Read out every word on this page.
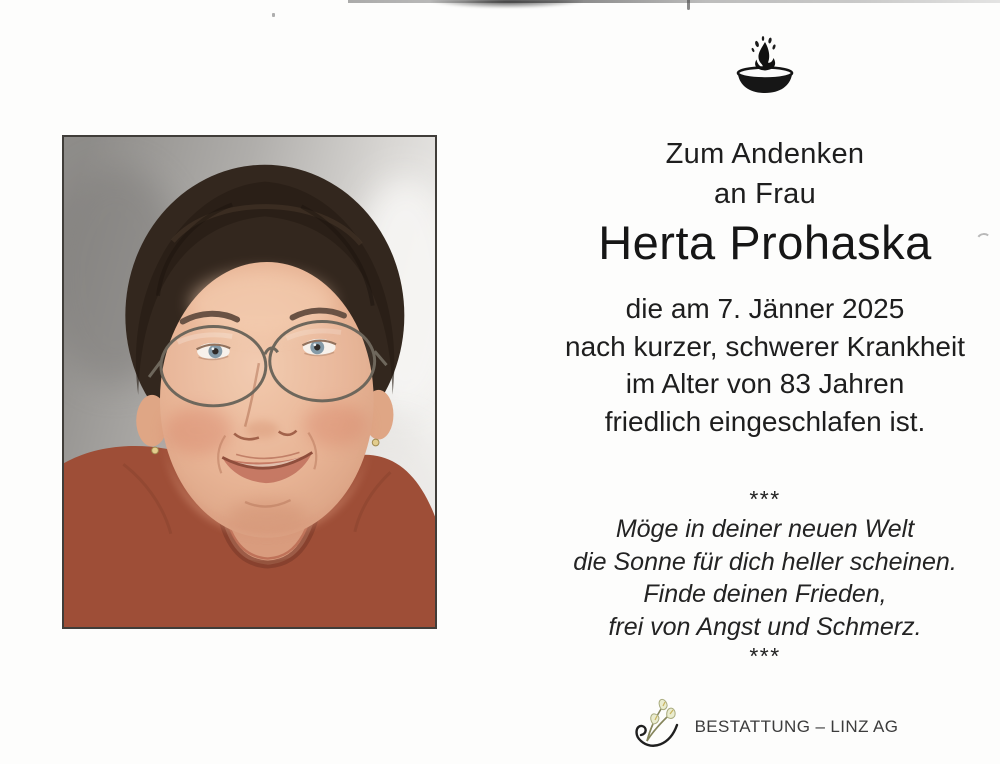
Zum Andenken
an Frau
Herta Prohaska
die am 7. Jänner 2025
nach kurzer, schwerer Krankheit
im Alter von 83 Jahren
friedlich eingeschlafen ist.
***
Möge in deiner neuen Welt
die Sonne für dich heller scheinen.
Finde deinen Frieden,
frei von Angst und Schmerz.
***
BESTATTUNG – LINZ AG
